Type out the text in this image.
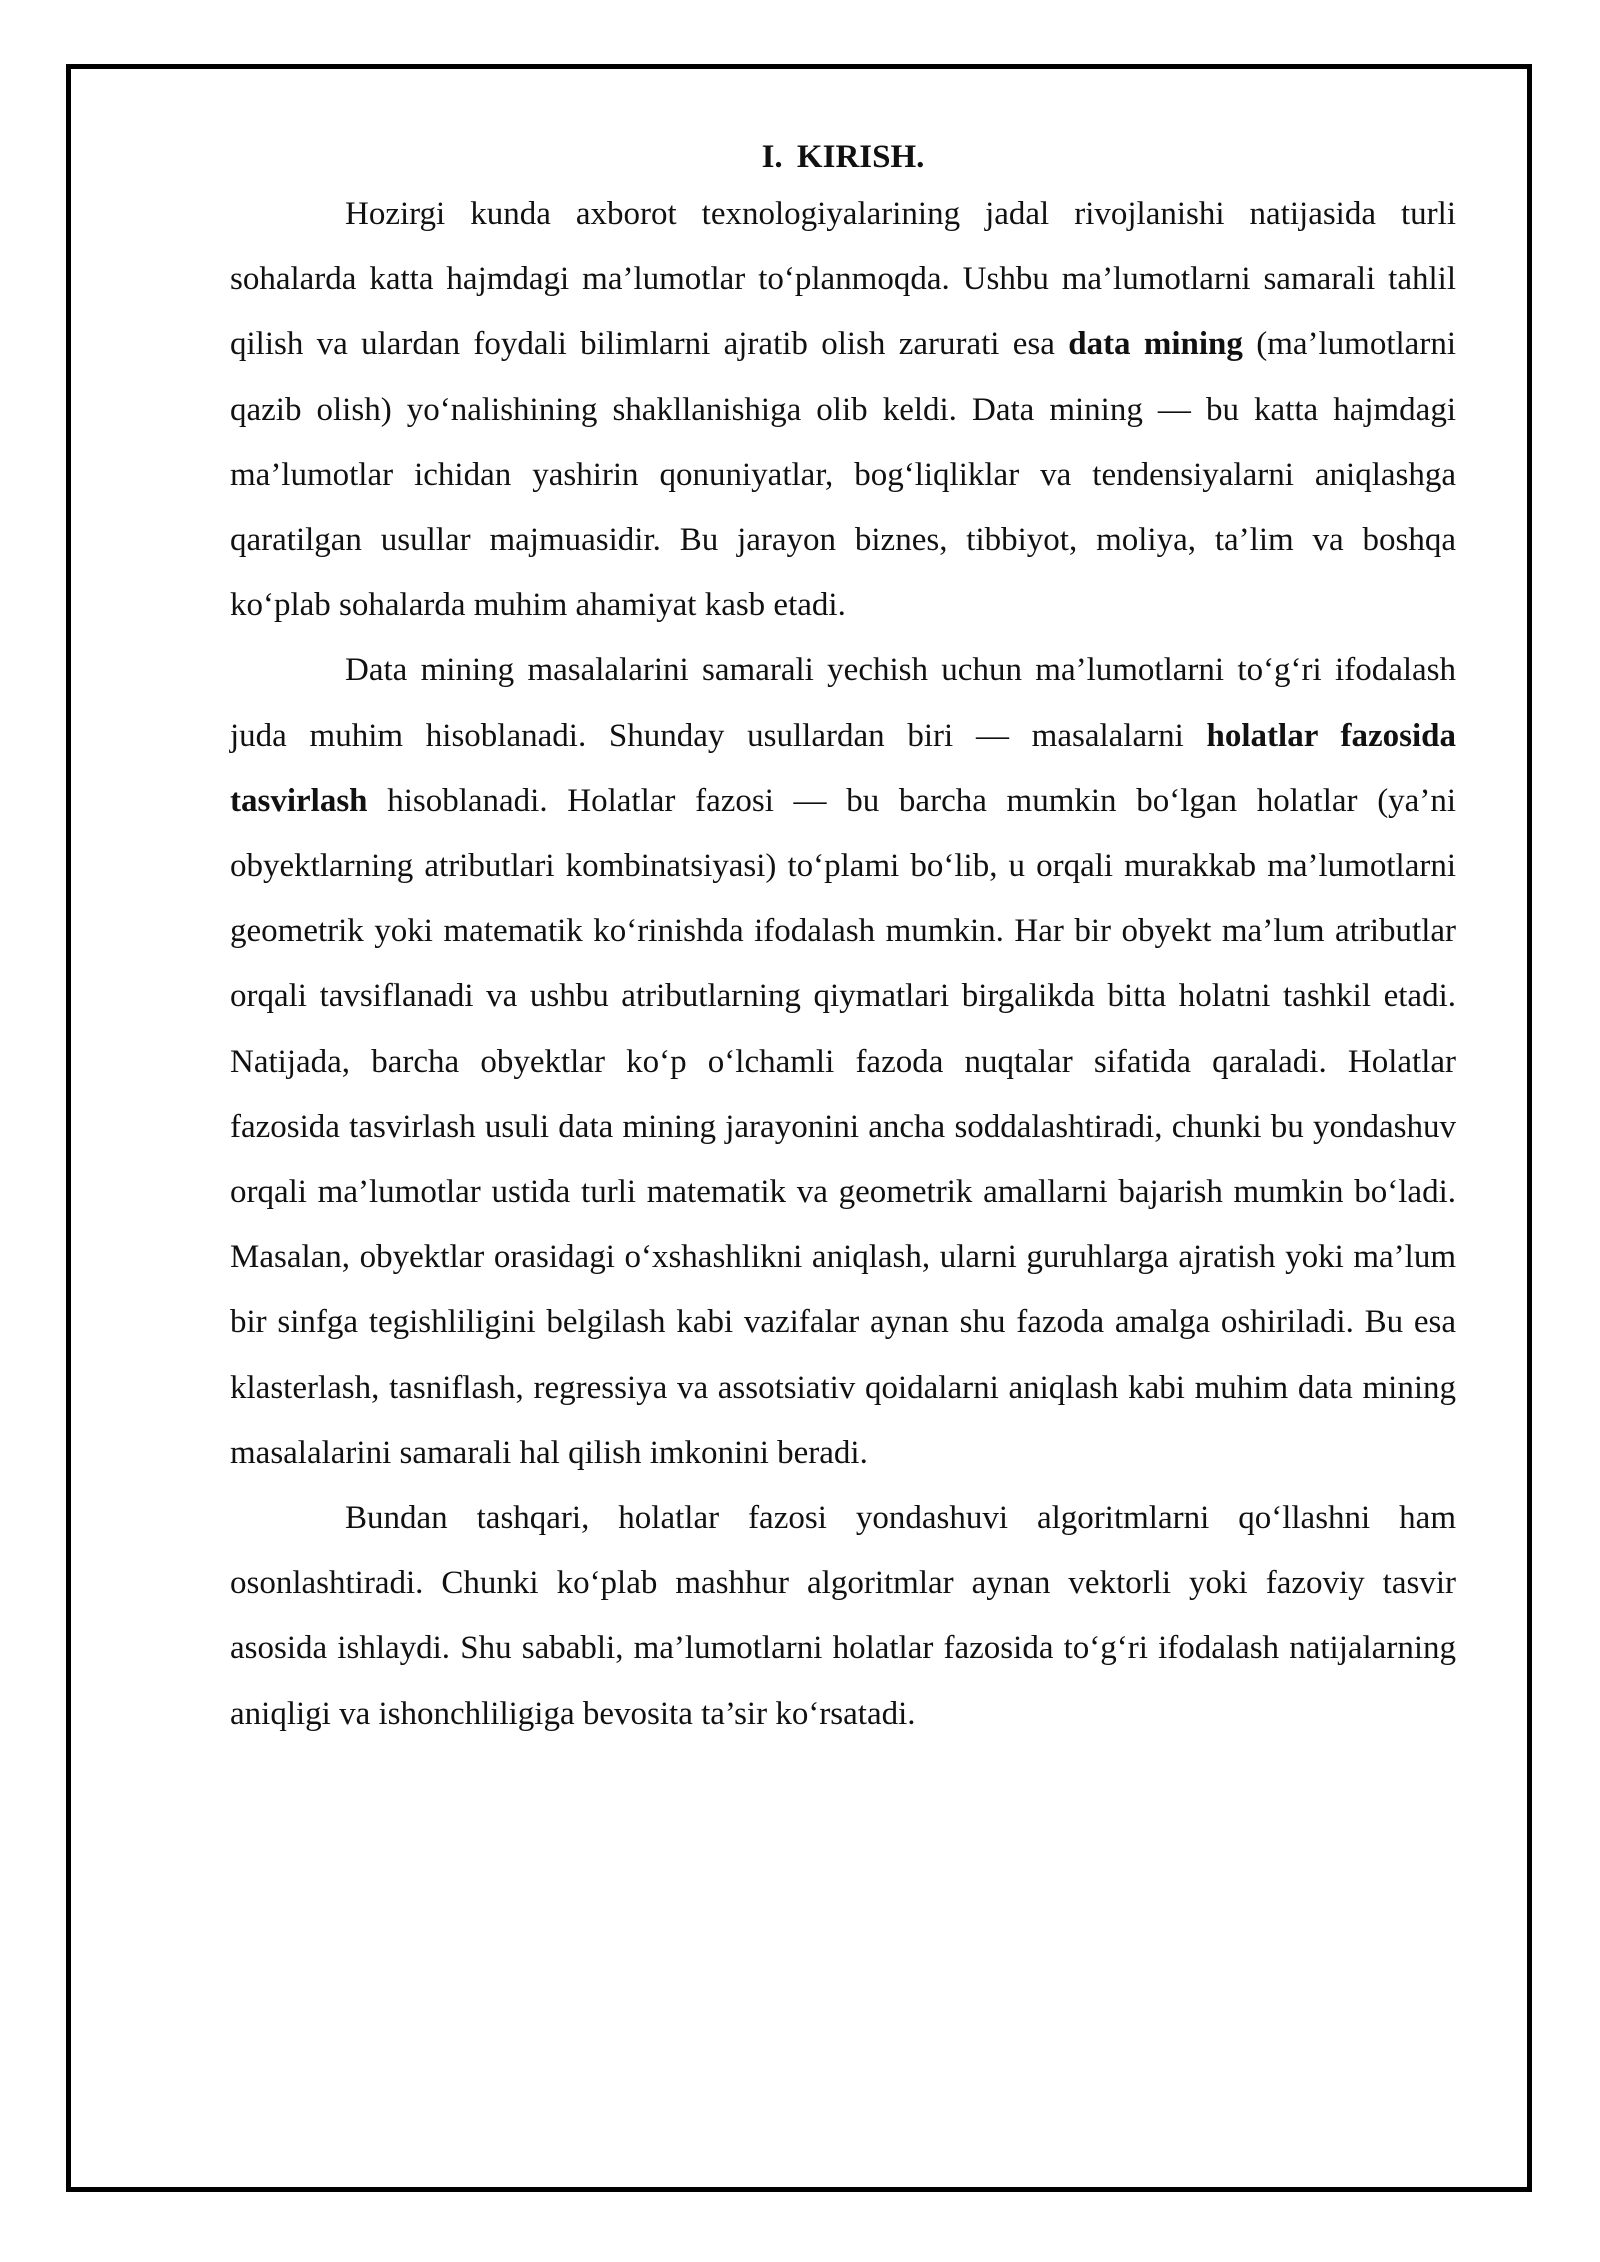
I. KIRISH.

Hozirgi kunda axborot texnologiyalarining jadal rivojlanishi natijasida turli sohalarda katta hajmdagi ma’lumotlar to‘planmoqda. Ushbu ma’lumotlarni samarali tahlil qilish va ulardan foydali bilimlarni ajratib olish zarurati esa data mining (ma’lumotlarni qazib olish) yo‘nalishining shakllanishiga olib keldi. Data mining — bu katta hajmdagi ma’lumotlar ichidan yashirin qonuniyatlar, bog‘liqliklar va tendensiyalarni aniqlashga qaratilgan usullar majmuasidir. Bu jarayon biznes, tibbiyot, moliya, ta’lim va boshqa ko‘plab sohalarda muhim ahamiyat kasb etadi.

Data mining masalalarini samarali yechish uchun ma’lumotlarni to‘g‘ri ifodalash juda muhim hisoblanadi. Shunday usullardan biri — masalalarni holatlar fazosida tasvirlash hisoblanadi. Holatlar fazosi — bu barcha mumkin bo‘lgan holatlar (ya’ni obyektlarning atributlari kombinatsiyasi) to‘plami bo‘lib, u orqali murakkab ma’lumotlarni geometrik yoki matematik ko‘rinishda ifodalash mumkin. Har bir obyekt ma’lum atributlar orqali tavsiflanadi va ushbu atributlarning qiymatlari birgalikda bitta holatni tashkil etadi. Natijada, barcha obyektlar ko‘p o‘lchamli fazoda nuqtalar sifatida qaraladi. Holatlar fazosida tasvirlash usuli data mining jarayonini ancha soddalashtiradi, chunki bu yondashuv orqali ma’lumotlar ustida turli matematik va geometrik amallarni bajarish mumkin bo‘ladi. Masalan, obyektlar orasidagi o‘xshashlikni aniqlash, ularni guruhlarga ajratish yoki ma’lum bir sinfga tegishliligini belgilash kabi vazifalar aynan shu fazoda amalga oshiriladi. Bu esa klasterlash, tasniflash, regressiya va assotsiativ qoidalarni aniqlash kabi muhim data mining masalalarini samarali hal qilish imkonini beradi.

Bundan tashqari, holatlar fazosi yondashuvi algoritmlarni qo‘llashni ham osonlashtiradi. Chunki ko‘plab mashhur algoritmlar aynan vektorli yoki fazoviy tasvir asosida ishlaydi. Shu sababli, ma’lumotlarni holatlar fazosida to‘g‘ri ifodalash natijalarning aniqligi va ishonchliligiga bevosita ta’sir ko‘rsatadi.
